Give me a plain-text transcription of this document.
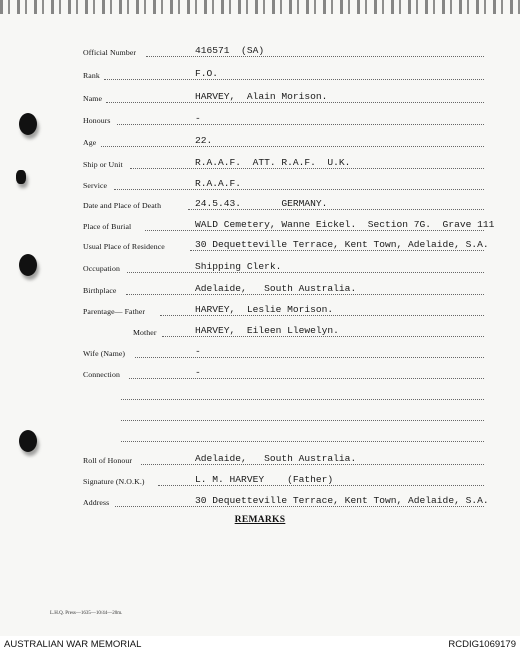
Official Number	416571  (SA)
Rank	F.O.
Name	HARVEY,  Alain Morison.
Honours	-
Age	22.
Ship or Unit	R.A.A.F.  ATT. R.A.F.  U.K.
Service	R.A.A.F.
Date and Place of Death	24.5.43.       GERMANY.
Place of Burial	WALD Cemetery, Wanne Eickel.  Section 7G.  Grave 111
Usual Place of Residence	30 Dequetteville Terrace, Kent Town, Adelaide, S.A.
Occupation	Shipping Clerk.
Birthplace	Adelaide,   South Australia.
Parentage— Father	HARVEY,  Leslie Morison.
Mother	HARVEY,  Eileen Llewelyn.
Wife (Name)	-
Connection	-
Roll of Honour	Adelaide,   South Australia.
Signature (N.O.K.)	L. M. HARVEY    (Father)
Address	30 Dequetteville Terrace, Kent Town, Adelaide, S.A.
REMARKS
L.H.Q. Press—1635—10/44—20m.
AUSTRALIAN WAR MEMORIAL	RCDIG1069179
